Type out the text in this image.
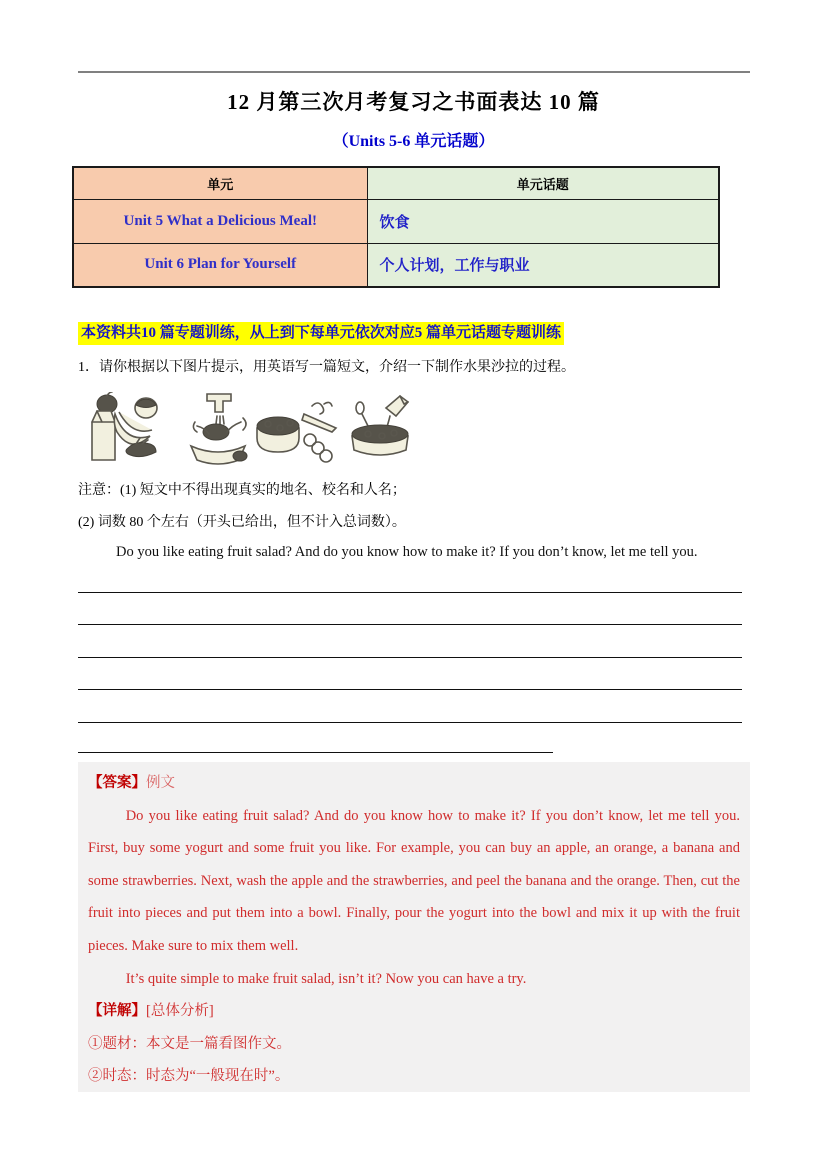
12 月第三次月考复习之书面表达 10 篇
（Units 5-6 单元话题）
单元	单元话题
Unit 5 What a Delicious Meal!	饮食
Unit 6 Plan for Yourself	个人计划，工作与职业
本资料共10 篇专题训练，从上到下每单元依次对应5 篇单元话题专题训练

1．请你根据以下图片提示，用英语写一篇短文，介绍一下制作水果沙拉的过程。

注意：(1) 短文中不得出现真实的地名、校名和人名；

(2) 词数 80 个左右（开头已给出，但不计入总词数）。

Do you like eating fruit salad? And do you know how to make it? If you don’t know, let me tell you.

【答案】例文

Do you like eating fruit salad? And do you know how to make it? If you don’t know, let me tell you. First, buy some yogurt and some fruit you like. For example, you can buy an apple, an orange, a banana and some strawberries. Next, wash the apple and the strawberries, and peel the banana and the orange. Then, cut the fruit into pieces and put them into a bowl. Finally, pour the yogurt into the bowl and mix it up with the fruit pieces. Make sure to mix them well.

It’s quite simple to make fruit salad, isn’t it? Now you can have a try.

【详解】[总体分析]

①题材：本文是一篇看图作文。

②时态：时态为“一般现在时”。
